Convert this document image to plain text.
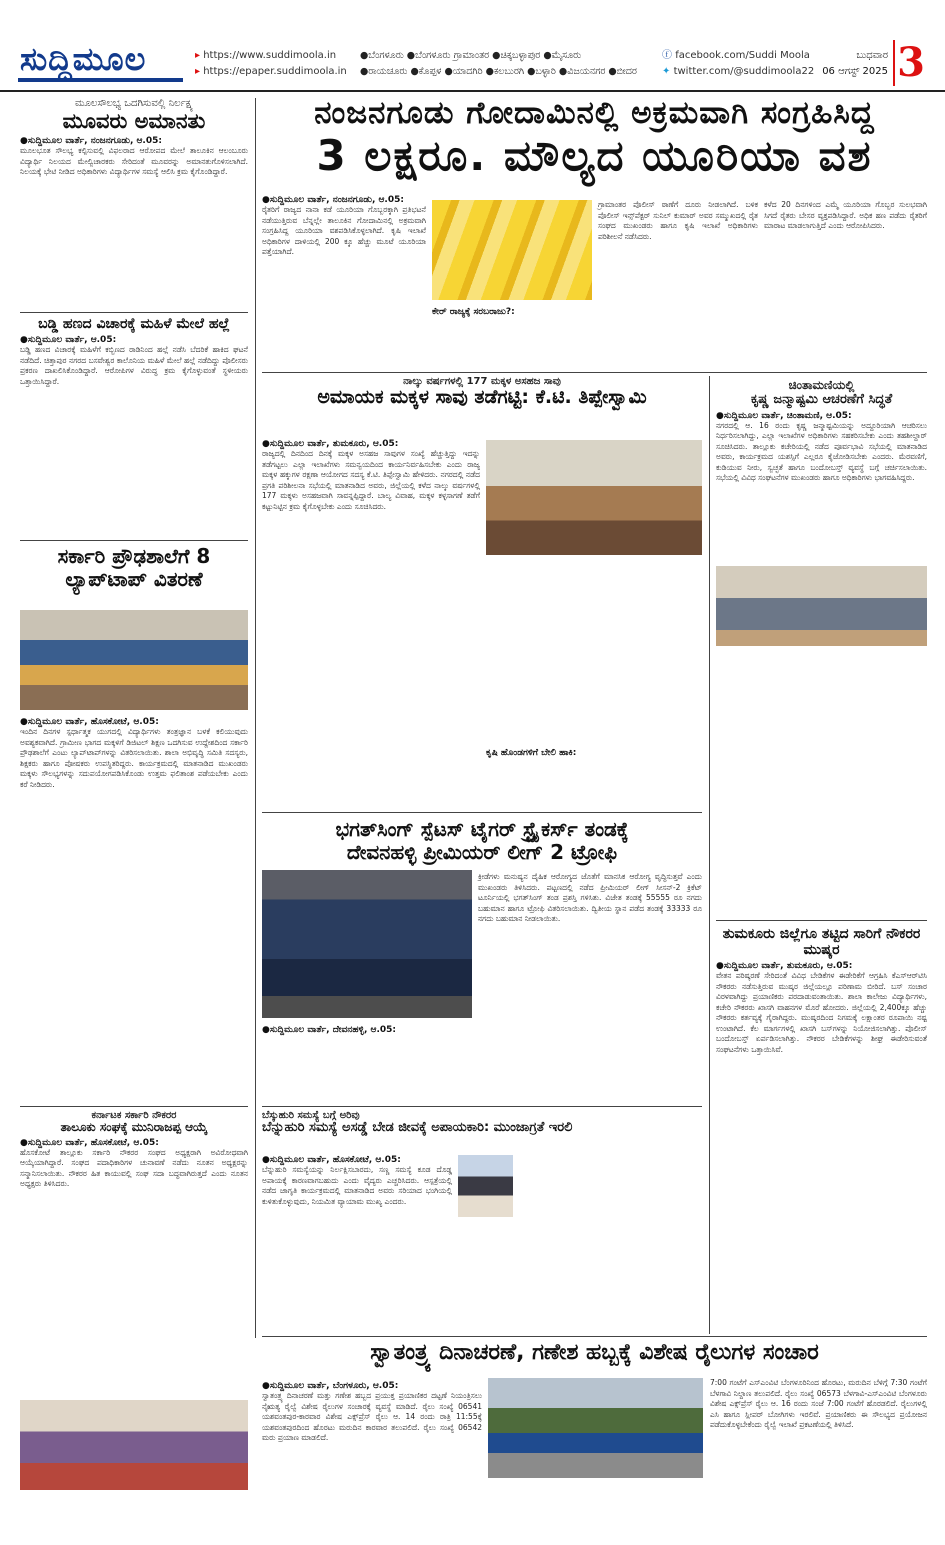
ಸುದ್ದಿಮೂಲ	▸ https://www.suddimoola.in
▸ https://epaper.suddimoola.in
●ಬೆಂಗಳೂರು ●ಬೆಂಗಳೂರು ಗ್ರಾಮಾಂತರ ●ಚಿಕ್ಕಬಳ್ಳಾಪುರ ●ಮೈಸೂರು
●ರಾಯಚೂರು ●ಕೊಪ್ಪಳ ●ಯಾದಗಿರಿ ●ಕಲಬುರಗಿ ●ಬಳ್ಳಾರಿ ●ವಿಜಯನಗರ ●ಬೀದರ
ⓕ facebook.com/Suddi Moola
✦ twitter.com/@suddimoola22
ಬುಧವಾರ
06 ಆಗಸ್ಟ್ 2025 3
ಮೂಲಸೌಲಭ್ಯ ಒದಗಿಸುವಲ್ಲಿ ನಿರ್ಲಕ್ಷ್ಯ
ಮೂವರು ಅಮಾನತು
●ಸುದ್ದಿಮೂಲ ವಾರ್ತೆ, ನಂಜನಗೂಡು, ಆ.05:
ಮೂಲಭೂತ ಸೌಲಭ್ಯ ಕಲ್ಪಿಸುವಲ್ಲಿ ವಿಫಲರಾದ ಆರೋಪದ ಮೇಲೆ ತಾಲೂಕಿನ ಆಲಂಬೂರು ವಿದ್ಯಾರ್ಥಿ ನಿಲಯದ ಮೇಲ್ವಿಚಾರಕರು ಸೇರಿದಂತೆ ಮೂವರನ್ನು ಅಮಾನತುಗೊಳಿಸಲಾಗಿದೆ. ನಿಲಯಕ್ಕೆ ಭೇಟಿ ನೀಡಿದ ಅಧಿಕಾರಿಗಳು ವಿದ್ಯಾರ್ಥಿಗಳ ಸಮಸ್ಯೆ ಆಲಿಸಿ ಕ್ರಮ ಕೈಗೊಂಡಿದ್ದಾರೆ.
ಬಡ್ಡಿ ಹಣದ ವಿಚಾರಕ್ಕೆ ಮಹಿಳೆ ಮೇಲೆ ಹಲ್ಲೆ
●ಸುದ್ದಿಮೂಲ ವಾರ್ತೆ, ಆ.05:
ಬಡ್ಡಿ ಹಣದ ವಿಚಾರಕ್ಕೆ ಮಹಿಳೆಗೆ ಕಬ್ಬಿಣದ ರಾಡಿನಿಂದ ಹಲ್ಲೆ ನಡೆಸಿ ಬೆದರಿಕೆ ಹಾಕಿದ ಘಟನೆ ನಡೆದಿದೆ. ಚಿತ್ತಾಪುರ ನಗರದ ಬಸವೇಶ್ವರ ಕಾಲೊನಿಯ ಮಹಿಳೆ ಮೇಲೆ ಹಲ್ಲೆ ನಡೆದಿದ್ದು ಪೊಲೀಸರು ಪ್ರಕರಣ ದಾಖಲಿಸಿಕೊಂಡಿದ್ದಾರೆ. ಆರೋಪಿಗಳ ವಿರುದ್ಧ ಕ್ರಮ ಕೈಗೊಳ್ಳುವಂತೆ ಸ್ಥಳೀಯರು ಒತ್ತಾಯಿಸಿದ್ದಾರೆ.
ಸರ್ಕಾರಿ ಪ್ರೌಢಶಾಲೆಗೆ 8 ಲ್ಯಾಪ್‌ಟಾಪ್ ವಿತರಣೆ
●ಸುದ್ದಿಮೂಲ ವಾರ್ತೆ, ಹೊಸಕೋಟೆ, ಆ.05:
ಇಂದಿನ ದಿನಗಳ ಸ್ಪರ್ಧಾತ್ಮಕ ಯುಗದಲ್ಲಿ ವಿದ್ಯಾರ್ಥಿಗಳು ತಂತ್ರಜ್ಞಾನ ಬಳಕೆ ಕಲಿಯುವುದು ಅವಶ್ಯಕವಾಗಿದೆ. ಗ್ರಾಮೀಣ ಭಾಗದ ಮಕ್ಕಳಿಗೆ ಡಿಜಿಟಲ್ ಶಿಕ್ಷಣ ಒದಗಿಸುವ ಉದ್ದೇಶದಿಂದ ಸರ್ಕಾರಿ ಪ್ರೌಢಶಾಲೆಗೆ ಎಂಟು ಲ್ಯಾಪ್‌ಟಾಪ್‌ಗಳನ್ನು ವಿತರಿಸಲಾಯಿತು. ಶಾಲಾ ಅಭಿವೃದ್ಧಿ ಸಮಿತಿ ಸದಸ್ಯರು, ಶಿಕ್ಷಕರು ಹಾಗೂ ಪೋಷಕರು ಉಪಸ್ಥಿತರಿದ್ದರು. ಕಾರ್ಯಕ್ರಮದಲ್ಲಿ ಮಾತನಾಡಿದ ಮುಖಂಡರು ಮಕ್ಕಳು ಸೌಲಭ್ಯಗಳನ್ನು ಸದುಪಯೋಗಪಡಿಸಿಕೊಂಡು ಉತ್ತಮ ಫಲಿತಾಂಶ ಪಡೆಯಬೇಕು ಎಂದು ಕರೆ ನೀಡಿದರು.
ಕರ್ನಾಟಕ ಸರ್ಕಾರಿ ನೌಕರರ
ತಾಲೂಕು ಸಂಘಕ್ಕೆ ಮುನಿರಾಜಪ್ಪ ಆಯ್ಕೆ
●ಸುದ್ದಿಮೂಲ ವಾರ್ತೆ, ಹೊಸಕೋಟೆ, ಆ.05:
ಹೊಸಕೋಟೆ ತಾಲ್ಲೂಕು ಸರ್ಕಾರಿ ನೌಕರರ ಸಂಘದ ಅಧ್ಯಕ್ಷರಾಗಿ ಅವಿರೋಧವಾಗಿ ಆಯ್ಕೆಯಾಗಿದ್ದಾರೆ. ಸಂಘದ ಪದಾಧಿಕಾರಿಗಳ ಚುನಾವಣೆ ನಡೆದು ನೂತನ ಅಧ್ಯಕ್ಷರನ್ನು ಸನ್ಮಾನಿಸಲಾಯಿತು. ನೌಕರರ ಹಿತ ಕಾಯುವಲ್ಲಿ ಸಂಘ ಸದಾ ಬದ್ಧವಾಗಿರುತ್ತದೆ ಎಂದು ನೂತನ ಅಧ್ಯಕ್ಷರು ತಿಳಿಸಿದರು.
ನಂಜನಗೂಡು ಗೋದಾಮಿನಲ್ಲಿ ಅಕ್ರಮವಾಗಿ ಸಂಗ್ರಹಿಸಿದ್ದ
3 ಲಕ್ಷರೂ. ಮೌಲ್ಯದ ಯೂರಿಯಾ ವಶ
●ಸುದ್ದಿಮೂಲ ವಾರ್ತೆ, ನಂಜನಗೂಡು, ಆ.05:
ರೈತರಿಗೆ ರಾಜ್ಯದ ನಾನಾ ಕಡೆ ಯೂರಿಯಾ ಗೊಬ್ಬರಕ್ಕಾಗಿ ಪ್ರತಿಭಟನೆ ನಡೆಯುತ್ತಿರುವ ಬೆನ್ನಲ್ಲೇ ತಾಲೂಕಿನ ಗೋದಾಮಿನಲ್ಲಿ ಅಕ್ರಮವಾಗಿ ಸಂಗ್ರಹಿಸಿದ್ದ ಯೂರಿಯಾ ವಶಪಡಿಸಿಕೊಳ್ಳಲಾಗಿದೆ. ಕೃಷಿ ಇಲಾಖೆ ಅಧಿಕಾರಿಗಳ ದಾಳಿಯಲ್ಲಿ 200 ಕ್ಕೂ ಹೆಚ್ಚು ಮೂಟೆ ಯೂರಿಯಾ ಪತ್ತೆಯಾಗಿದೆ.
ಕೇರ್ ರಾಜ್ಯಕ್ಕೆ ಸರಬರಾಜು?:
ಗ್ರಾಮಾಂತರ ಪೊಲೀಸ್ ಠಾಣೆಗೆ ದೂರು ನೀಡಲಾಗಿದೆ. ಬಳಿಕ ಪೊಲೀಸ್ ಇನ್ಸ್‌ಪೆಕ್ಟರ್ ಸುನಿಲ್ ಕುಮಾರ್ ಅವರ ಸಮ್ಮುಖದಲ್ಲಿ ರೈತ ಸಂಘದ ಮುಖಂಡರು ಹಾಗೂ ಕೃಷಿ ಇಲಾಖೆ ಅಧಿಕಾರಿಗಳು ಪರಿಶೀಲನೆ ನಡೆಸಿದರು.
ಕಳೆದ 20 ದಿನಗಳಿಂದ ಎಮ್ಮೆ ಯೂರಿಯಾ ಗೊಬ್ಬರ ಸುಲಭವಾಗಿ ಸಿಗದೆ ರೈತರು ಬೇಸರ ವ್ಯಕ್ತಪಡಿಸಿದ್ದಾರೆ. ಅಧಿಕ ಹಣ ಪಡೆದು ರೈತರಿಗೆ ಮಾರಾಟ ಮಾಡಲಾಗುತ್ತಿದೆ ಎಂದು ಆರೋಪಿಸಿದರು.
ನಾಲ್ಕು ವರ್ಷಗಳಲ್ಲಿ 177 ಮಕ್ಕಳ ಅಸಹಜ ಸಾವು
ಅಮಾಯಕ ಮಕ್ಕಳ ಸಾವು ತಡೆಗಟ್ಟಿ: ಕೆ.ಟಿ. ತಿಪ್ಪೇಸ್ವಾಮಿ
●ಸುದ್ದಿಮೂಲ ವಾರ್ತೆ, ತುಮಕೂರು, ಆ.05:
ರಾಜ್ಯದಲ್ಲಿ ದಿನದಿಂದ ದಿನಕ್ಕೆ ಮಕ್ಕಳ ಅಸಹಜ ಸಾವುಗಳ ಸಂಖ್ಯೆ ಹೆಚ್ಚುತ್ತಿದ್ದು ಇದನ್ನು ತಡೆಗಟ್ಟಲು ಎಲ್ಲಾ ಇಲಾಖೆಗಳು ಸಮನ್ವಯದಿಂದ ಕಾರ್ಯನಿರ್ವಹಿಸಬೇಕು ಎಂದು ರಾಜ್ಯ ಮಕ್ಕಳ ಹಕ್ಕುಗಳ ರಕ್ಷಣಾ ಆಯೋಗದ ಸದಸ್ಯ ಕೆ.ಟಿ. ತಿಪ್ಪೇಸ್ವಾಮಿ ಹೇಳಿದರು. ನಗರದಲ್ಲಿ ನಡೆದ ಪ್ರಗತಿ ಪರಿಶೀಲನಾ ಸಭೆಯಲ್ಲಿ ಮಾತನಾಡಿದ ಅವರು, ಜಿಲ್ಲೆಯಲ್ಲಿ ಕಳೆದ ನಾಲ್ಕು ವರ್ಷಗಳಲ್ಲಿ 177 ಮಕ್ಕಳು ಅಸಹಜವಾಗಿ ಸಾವನ್ನಪ್ಪಿದ್ದಾರೆ. ಬಾಲ್ಯ ವಿವಾಹ, ಮಕ್ಕಳ ಕಳ್ಳಸಾಗಣೆ ತಡೆಗೆ ಕಟ್ಟುನಿಟ್ಟಿನ ಕ್ರಮ ಕೈಗೊಳ್ಳಬೇಕು ಎಂದು ಸೂಚಿಸಿದರು.
ಕೃಷಿ ಹೊಂಡಗಳಿಗೆ ಬೇಲಿ ಹಾಕಿ:
ಭಗತ್‌ಸಿಂಗ್ ಸ್ಪೆಟಸ್ ಟೈಗರ್ ಸ್ಟ್ರೈಕರ್ಸ್ ತಂಡಕ್ಕೆ
ದೇವನಹಳ್ಳಿ ಪ್ರೀಮಿಯರ್ ಲೀಗ್ 2 ಟ್ರೋಫಿ
●ಸುದ್ದಿಮೂಲ ವಾರ್ತೆ, ದೇವನಹಳ್ಳಿ, ಆ.05:
ಕ್ರೀಡೆಗಳು ಮನುಷ್ಯನ ದೈಹಿಕ ಆರೋಗ್ಯದ ಜೊತೆಗೆ ಮಾನಸಿಕ ಆರೋಗ್ಯ ವೃದ್ಧಿಸುತ್ತವೆ ಎಂದು ಮುಖಂಡರು ತಿಳಿಸಿದರು. ಪಟ್ಟಣದಲ್ಲಿ ನಡೆದ ಪ್ರೀಮಿಯರ್ ಲೀಗ್ ಸೀಸನ್-2 ಕ್ರಿಕೆಟ್ ಟೂರ್ನಿಯಲ್ಲಿ ಭಗತ್‌ಸಿಂಗ್ ತಂಡ ಪ್ರಶಸ್ತಿ ಗಳಿಸಿತು. ವಿಜೇತ ತಂಡಕ್ಕೆ 55555 ರೂ ನಗದು ಬಹುಮಾನ ಹಾಗೂ ಟ್ರೋಫಿ ವಿತರಿಸಲಾಯಿತು. ದ್ವಿತೀಯ ಸ್ಥಾನ ಪಡೆದ ತಂಡಕ್ಕೆ 33333 ರೂ ನಗದು ಬಹುಮಾನ ನೀಡಲಾಯಿತು.
ಬೆಸ್ಕುಹುರಿ ಸಮಸ್ಯೆ ಬಗ್ಗೆ ಅರಿವು
ಬೆನ್ನುಹುರಿ ಸಮಸ್ಯೆ ಅಸಡ್ಡೆ ಬೇಡ ಜೀವಕ್ಕೆ ಅಪಾಯಕಾರಿ: ಮುಂಜಾಗ್ರತೆ ಇರಲಿ
●ಸುದ್ದಿಮೂಲ ವಾರ್ತೆ, ಹೊಸಕೋಟೆ, ಆ.05:
ಬೆನ್ನುಹುರಿ ಸಮಸ್ಯೆಯನ್ನು ನಿರ್ಲಕ್ಷಿಸಬಾರದು, ಸಣ್ಣ ಸಮಸ್ಯೆ ಕೂಡ ದೊಡ್ಡ ಅಪಾಯಕ್ಕೆ ಕಾರಣವಾಗಬಹುದು ಎಂದು ವೈದ್ಯರು ಎಚ್ಚರಿಸಿದರು. ಆಸ್ಪತ್ರೆಯಲ್ಲಿ ನಡೆದ ಜಾಗೃತಿ ಕಾರ್ಯಕ್ರಮದಲ್ಲಿ ಮಾತನಾಡಿದ ಅವರು ಸರಿಯಾದ ಭಂಗಿಯಲ್ಲಿ ಕುಳಿತುಕೊಳ್ಳುವುದು, ನಿಯಮಿತ ವ್ಯಾಯಾಮ ಮುಖ್ಯ ಎಂದರು.
ಚಿಂತಾಮಣಿಯಲ್ಲಿ
ಕೃಷ್ಣ ಜನ್ಮಾಷ್ಟಮಿ ಆಚರಣೆಗೆ ಸಿದ್ಧತೆ
●ಸುದ್ದಿಮೂಲ ವಾರ್ತೆ, ಚಿಂತಾಮಣಿ, ಆ.05:
ನಗರದಲ್ಲಿ ಆ. 16 ರಂದು ಕೃಷ್ಣ ಜನ್ಮಾಷ್ಟಮಿಯನ್ನು ಅದ್ದೂರಿಯಾಗಿ ಆಚರಿಸಲು ನಿರ್ಧರಿಸಲಾಗಿದ್ದು, ಎಲ್ಲಾ ಇಲಾಖೆಗಳ ಅಧಿಕಾರಿಗಳು ಸಹಕರಿಸಬೇಕು ಎಂದು ತಹಶೀಲ್ದಾರ್ ಸೂಚಿಸಿದರು. ತಾಲ್ಲೂಕು ಕಚೇರಿಯಲ್ಲಿ ನಡೆದ ಪೂರ್ವಭಾವಿ ಸಭೆಯಲ್ಲಿ ಮಾತನಾಡಿದ ಅವರು, ಕಾರ್ಯಕ್ರಮದ ಯಶಸ್ಸಿಗೆ ಎಲ್ಲರೂ ಕೈಜೋಡಿಸಬೇಕು ಎಂದರು. ಮೆರವಣಿಗೆ, ಕುಡಿಯುವ ನೀರು, ಸ್ವಚ್ಛತೆ ಹಾಗೂ ಬಂದೋಬಸ್ತ್ ವ್ಯವಸ್ಥೆ ಬಗ್ಗೆ ಚರ್ಚಿಸಲಾಯಿತು. ಸಭೆಯಲ್ಲಿ ವಿವಿಧ ಸಂಘಟನೆಗಳ ಮುಖಂಡರು ಹಾಗೂ ಅಧಿಕಾರಿಗಳು ಭಾಗವಹಿಸಿದ್ದರು.
ತುಮಕೂರು ಜಿಲ್ಲೆಗೂ ತಟ್ಟಿದ ಸಾರಿಗೆ ನೌಕರರ ಮುಷ್ಕರ
●ಸುದ್ದಿಮೂಲ ವಾರ್ತೆ, ತುಮಕೂರು, ಆ.05:
ವೇತನ ಪರಿಷ್ಕರಣೆ ಸೇರಿದಂತೆ ವಿವಿಧ ಬೇಡಿಕೆಗಳ ಈಡೇರಿಕೆಗೆ ಆಗ್ರಹಿಸಿ ಕೆಎಸ್ಆರ್‌ಟಿಸಿ ನೌಕರರು ನಡೆಸುತ್ತಿರುವ ಮುಷ್ಕರ ಜಿಲ್ಲೆಯಲ್ಲೂ ಪರಿಣಾಮ ಬೀರಿದೆ. ಬಸ್ ಸಂಚಾರ ವಿರಳವಾಗಿದ್ದು ಪ್ರಯಾಣಿಕರು ಪರದಾಡುವಂತಾಯಿತು. ಶಾಲಾ ಕಾಲೇಜು ವಿದ್ಯಾರ್ಥಿಗಳು, ಕಚೇರಿ ನೌಕರರು ಖಾಸಗಿ ವಾಹನಗಳ ಮೊರೆ ಹೋದರು. ಜಿಲ್ಲೆಯಲ್ಲಿ 2,400ಕ್ಕೂ ಹೆಚ್ಚು ನೌಕರರು ಕರ್ತವ್ಯಕ್ಕೆ ಗೈರಾಗಿದ್ದರು. ಮುಷ್ಕರದಿಂದ ನಿಗಮಕ್ಕೆ ಲಕ್ಷಾಂತರ ರೂಪಾಯಿ ನಷ್ಟ ಉಂಟಾಗಿದೆ. ಕೆಲ ಮಾರ್ಗಗಳಲ್ಲಿ ಖಾಸಗಿ ಬಸ್‌ಗಳನ್ನು ನಿಯೋಜಿಸಲಾಗಿತ್ತು. ಪೊಲೀಸ್ ಬಂದೋಬಸ್ತ್ ಏರ್ಪಡಿಸಲಾಗಿತ್ತು. ನೌಕರರ ಬೇಡಿಕೆಗಳನ್ನು ಶೀಘ್ರ ಈಡೇರಿಸುವಂತೆ ಸಂಘಟನೆಗಳು ಒತ್ತಾಯಿಸಿವೆ.
ಸ್ವಾತಂತ್ರ್ಯ ದಿನಾಚರಣೆ, ಗಣೇಶ ಹಬ್ಬಕ್ಕೆ ವಿಶೇಷ ರೈಲುಗಳ ಸಂಚಾರ
●ಸುದ್ದಿಮೂಲ ವಾರ್ತೆ, ಬೆಂಗಳೂರು, ಆ.05:
ಸ್ವಾತಂತ್ರ್ಯ ದಿನಾಚರಣೆ ಮತ್ತು ಗಣೇಶ ಹಬ್ಬದ ಪ್ರಯುಕ್ತ ಪ್ರಯಾಣಿಕರ ದಟ್ಟಣೆ ನಿಯಂತ್ರಿಸಲು ನೈಋತ್ಯ ರೈಲ್ವೆ ವಿಶೇಷ ರೈಲುಗಳ ಸಂಚಾರಕ್ಕೆ ವ್ಯವಸ್ಥೆ ಮಾಡಿದೆ. ರೈಲು ಸಂಖ್ಯೆ 06541 ಯಶವಂತಪುರ-ಕಾರವಾರ ವಿಶೇಷ ಎಕ್ಸ್‌ಪ್ರೆಸ್ ರೈಲು ಆ. 14 ರಂದು ರಾತ್ರಿ 11:55ಕ್ಕೆ ಯಶವಂತಪುರದಿಂದ ಹೊರಟು ಮರುದಿನ ಕಾರವಾರ ತಲುಪಲಿದೆ. ರೈಲು ಸಂಖ್ಯೆ 06542 ಮರು ಪ್ರಯಾಣ ಮಾಡಲಿದೆ.
7:00 ಗಂಟೆಗೆ ಎಸ್‌ಎಂವಿಟಿ ಬೆಂಗಳೂರಿನಿಂದ ಹೊರಟು, ಮರುದಿನ ಬೆಳಿಗ್ಗೆ 7:30 ಗಂಟೆಗೆ ಬೆಳಗಾವಿ ನಿಲ್ದಾಣ ತಲುಪಲಿದೆ. ರೈಲು ಸಂಖ್ಯೆ 06573 ಬೆಳಗಾವಿ-ಎಸ್‌ಎಂವಿಟಿ ಬೆಂಗಳೂರು ವಿಶೇಷ ಎಕ್ಸ್‌ಪ್ರೆಸ್ ರೈಲು ಆ. 16 ರಂದು ಸಂಜೆ 7:00 ಗಂಟೆಗೆ ಹೊರಡಲಿದೆ. ರೈಲುಗಳಲ್ಲಿ ಎಸಿ ಹಾಗೂ ಸ್ಲೀಪರ್ ಬೋಗಿಗಳು ಇರಲಿವೆ. ಪ್ರಯಾಣಿಕರು ಈ ಸೌಲಭ್ಯದ ಪ್ರಯೋಜನ ಪಡೆದುಕೊಳ್ಳಬೇಕೆಂದು ರೈಲ್ವೆ ಇಲಾಖೆ ಪ್ರಕಟಣೆಯಲ್ಲಿ ತಿಳಿಸಿದೆ.
